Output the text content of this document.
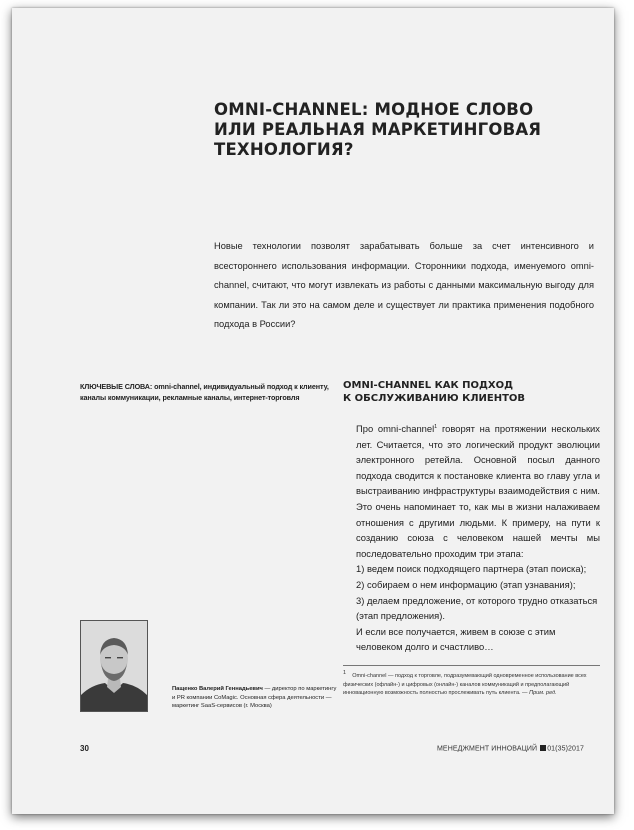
OMNI-CHANNEL: МОДНОЕ СЛОВО
ИЛИ РЕАЛЬНАЯ МАРКЕТИНГОВАЯ
ТЕХНОЛОГИЯ?
Новые технологии позволят зарабатывать больше за счет интенсивного и всестороннего использования информации. Сторонники подхода, именуемого omni-channel, считают, что могут извлекать из работы с данными максимальную выгоду для компании. Так ли это на самом деле и существует ли практика применения подобного подхода в России?
КЛЮЧЕВЫЕ СЛОВА: omni-channel, индивидуальный подход к клиенту, каналы коммуникации, рекламные каналы, интернет-торговля
OMNI-CHANNEL КАК ПОДХОД
К ОБСЛУЖИВАНИЮ КЛИЕНТОВ
Про omni-channel$^1$ говорят на протяжении нескольких лет. Считается, что это логический продукт эволюции электронного ретейла. Основной посыл данного подхода сводится к постановке клиента во главу угла и выстраиванию инфраструктуры взаимодействия с ним. Это очень напоминает то, как мы в жизни налаживаем отношения с другими людьми. К примеру, на пути к созданию союза с человеком нашей мечты мы последовательно проходим три этапа:
1) ведем поиск подходящего партнера (этап поиска);
2) собираем о нем информацию (этап узнавания);
3) делаем предложение, от которого трудно отказаться (этап предложения).
И если все получается, живем в союзе с этим человеком долго и счастливо…
Пащенко Валерий Геннадьевич — директор по маркетингу и PR компании CoMagic. Основная сфера деятельности — маркетинг SaaS-сервисов (г. Москва)
$^1$ Omni-channel — подход к торговле, подразумевающий одновременное использование всех физических (офлайн-) и цифровых (онлайн-) каналов коммуникаций и предполагающий инновационную возможность полностью прослеживать путь клиента. — Прим. ред.
30	МЕНЕДЖМЕНТ ИННОВАЦИЙ 01(35)2017
